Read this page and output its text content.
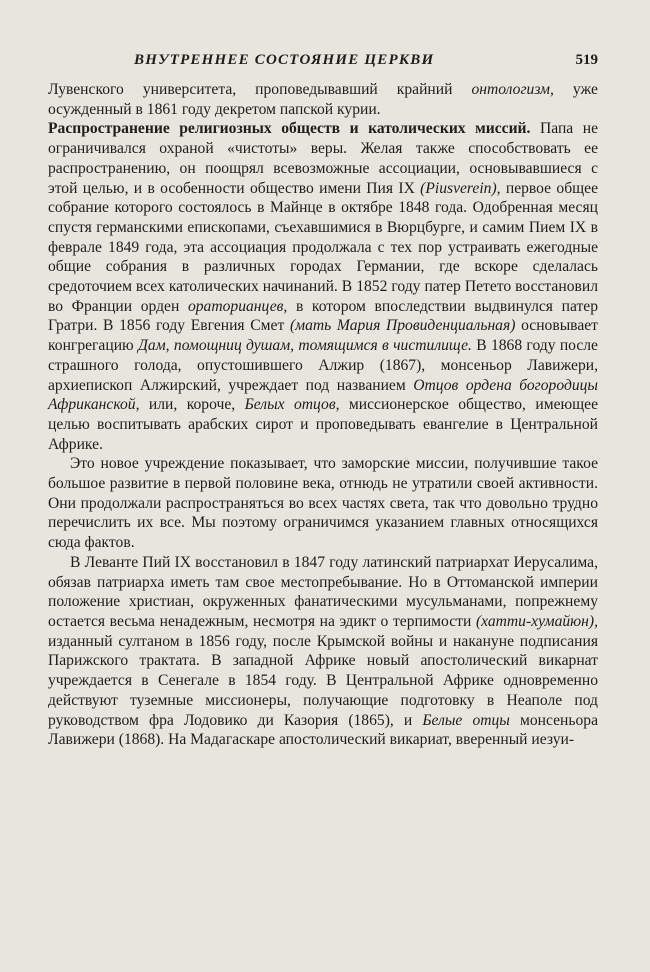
ВНУТРЕННЕЕ СОСТОЯНИЕ ЦЕРКВИ	519

Лувенского университета, проповедывавший крайний онтологизм, уже осужденный в 1861 году декретом папской курии.

Распространение религиозных обществ и католических миссий. Папа не ограничивался охраной «чистоты» веры. Желая также способствовать ее распространению, он поощрял всевозможные ассоциации, основывавшиеся с этой целью, и в особенности общество имени Пия IX (Piusverein), первое общее собрание которого состоялось в Майнце в октябре 1848 года. Одобренная месяц спустя германскими епископами, съехавшимися в Вюрцбурге, и самим Пием IX в феврале 1849 года, эта ассоциация продолжала с тех пор устраивать ежегодные общие собрания в различных городах Германии, где вскоре сделалась средоточием всех католических начинаний. В 1852 году патер Петето восстановил во Франции орден ораторианцев, в котором впоследствии выдвинулся патер Гратри. В 1856 году Евгения Смет (мать Мария Провиденциальная) основывает конгрегацию Дам, помощниц душам, томящимся в чистилище. В 1868 году после страшного голода, опустошившего Алжир (1867), монсеньор Лавижери, архиепископ Алжирский, учреждает под названием Отцов ордена богородицы Африканской, или, короче, Белых отцов, миссионерское общество, имеющее целью воспитывать арабских сирот и проповедывать евангелие в Центральной Африке.

Это новое учреждение показывает, что заморские миссии, получившие такое большое развитие в первой половине века, отнюдь не утратили своей активности. Они продолжали распространяться во всех частях света, так что довольно трудно перечислить их все. Мы поэтому ограничимся указанием главных относящихся сюда фактов.

В Леванте Пий IX восстановил в 1847 году латинский патриархат Иерусалима, обязав патриарха иметь там свое местопребывание. Но в Оттоманской империи положение христиан, окруженных фанатическими мусульманами, попрежнему остается весьма ненадежным, несмотря на эдикт о терпимости (хатти-хумайюн), изданный султаном в 1856 году, после Крымской войны и накануне подписания Парижского трактата. В западной Африке новый апостолический викарнат учреждается в Сенегале в 1854 году. В Центральной Африке одновременно действуют туземные миссионеры, получающие подготовку в Неаполе под руководством фра Лодовико ди Казория (1865), и Белые отцы монсеньора Лавижери (1868). На Мадагаскаре апостолический викариат, вверенный иезуи-
